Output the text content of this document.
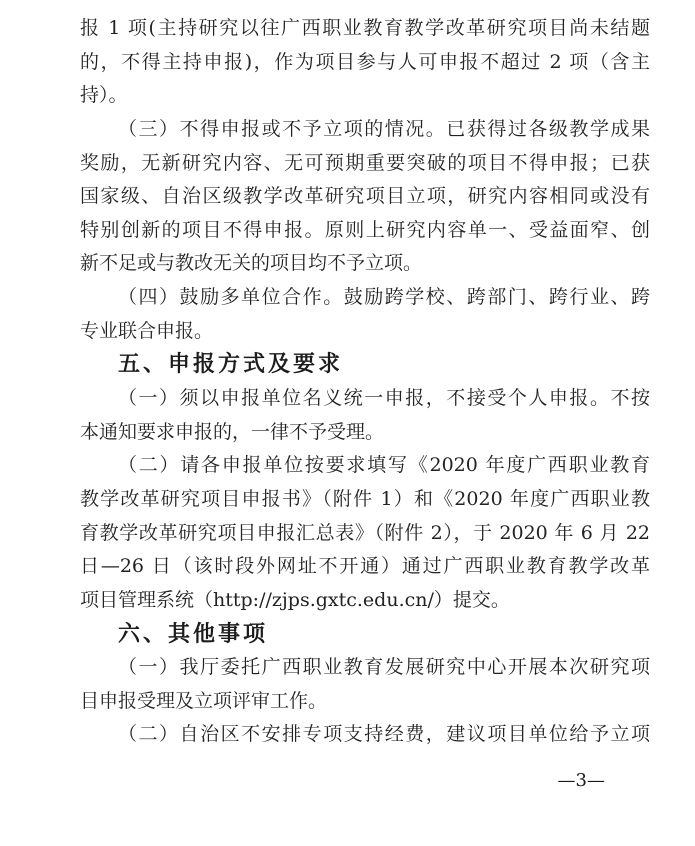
报 1 项(主持研究以往广西职业教育教学改革研究项目尚未结题
的，不得主持申报)，作为项目参与人可申报不超过 2 项（含主
持）。
（三）不得申报或不予立项的情况。已获得过各级教学成果
奖励，无新研究内容、无可预期重要突破的项目不得申报；已获
国家级、自治区级教学改革研究项目立项，研究内容相同或没有
特别创新的项目不得申报。原则上研究内容单一、受益面窄、创
新不足或与教改无关的项目均不予立项。
（四）鼓励多单位合作。鼓励跨学校、跨部门、跨行业、跨
专业联合申报。
五、申报方式及要求
（一）须以申报单位名义统一申报，不接受个人申报。不按
本通知要求申报的，一律不予受理。
（二）请各申报单位按要求填写《2020 年度广西职业教育
教学改革研究项目申报书》（附件 1）和《2020 年度广西职业教
育教学改革研究项目申报汇总表》（附件 2），于 2020 年 6 月 22
日—26 日（该时段外网址不开通）通过广西职业教育教学改革
项目管理系统（http://zjps.gxtc.edu.cn/）提交。
六、其他事项
（一）我厅委托广西职业教育发展研究中心开展本次研究项
目申报受理及立项评审工作。
（二）自治区不安排专项支持经费，建议项目单位给予立项
—3—
